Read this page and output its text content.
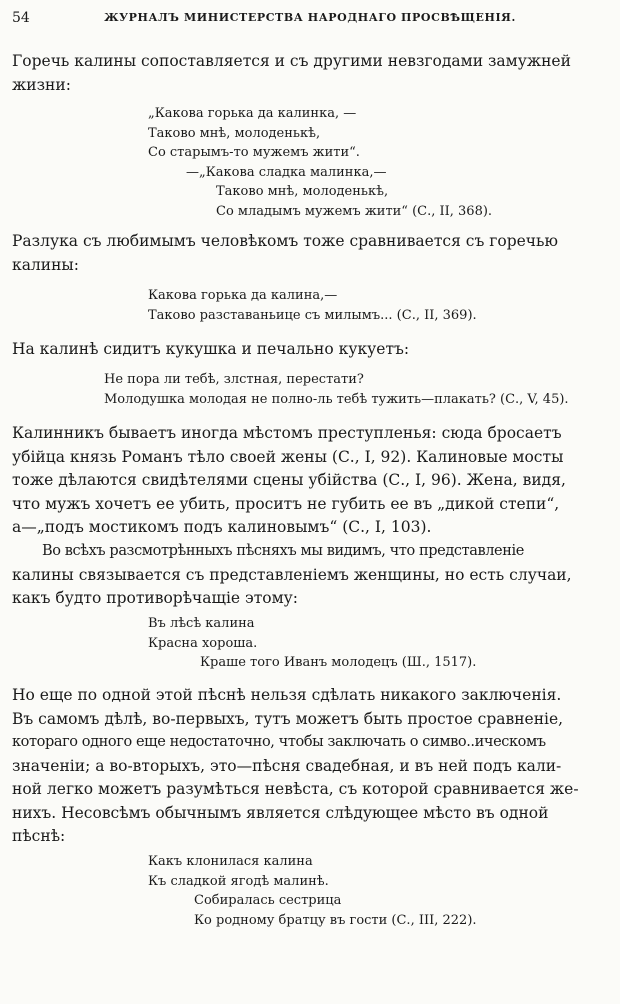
54	ЖУРНАЛЪ МИНИСТЕРСТВА НАРОДНАГО ПРОСВѢЩЕНІЯ.
Горечь калины сопоставляется и съ другими невзгодами замужней
жизни:
„Какова горька да калинка, —
Таково мнѣ, молоденькѣ,
Со старымъ-то мужемъ жити“.
—„Какова сладка малинка,—
Таково мнѣ, молоденькѣ,
Со младымъ мужемъ жити“ (С., II, 368).
Разлука съ любимымъ человѣкомъ тоже сравнивается съ горечью
калины:
Какова горька да калина,—
Таково разставаньице съ милымъ... (С., II, 369).
На калинѣ сидитъ кукушка и печально кукуетъ:
Не пора ли тебѣ, злстная, перестати?
Молодушка молодая не полно-ль тебѣ тужить—плакать? (С., V, 45).
Калинникъ бываетъ иногда мѣстомъ преступленья: сюда бросаетъ
убійца князь Романъ тѣло своей жены (С., I, 92). Калиновые мосты
тоже дѣлаются свидѣтелями сцены убійства (С., I, 96). Жена, видя,
что мужъ хочетъ ее убить, проситъ не губить ее въ „дикой степи“,
а—„подъ мостикомъ подъ калиновымъ“ (С., I, 103).
Во всѣхъ разсмотрѣнныхъ пѣсняхъ мы видимъ, что представленіе
калины связывается съ представленіемъ женщины, но есть случаи,
какъ будто противорѣчащіе этому:
Въ лѣсѣ калина
Красна хороша.
Краше того Иванъ молодецъ (Ш., 1517).
Но еще по одной этой пѣснѣ нельзя сдѣлать никакого заключенія.
Въ самомъ дѣлѣ, во-первыхъ, тутъ можетъ быть простое сравненіе,
котораго одного еще недостаточно, чтобы заключать о симво..ическомъ
значеніи; а во-вторыхъ, это—пѣсня свадебная, и въ ней подъ кали-
ной легко можетъ разумѣться невѣста, съ которой сравнивается же-
нихъ. Несовсѣмъ обычнымъ является слѣдующее мѣсто въ одной
пѣснѣ:
Какъ клонилася калина
Къ сладкой ягодѣ малинѣ.
Собиралась сестрица
Ко родному братцу въ гости (С., III, 222).
